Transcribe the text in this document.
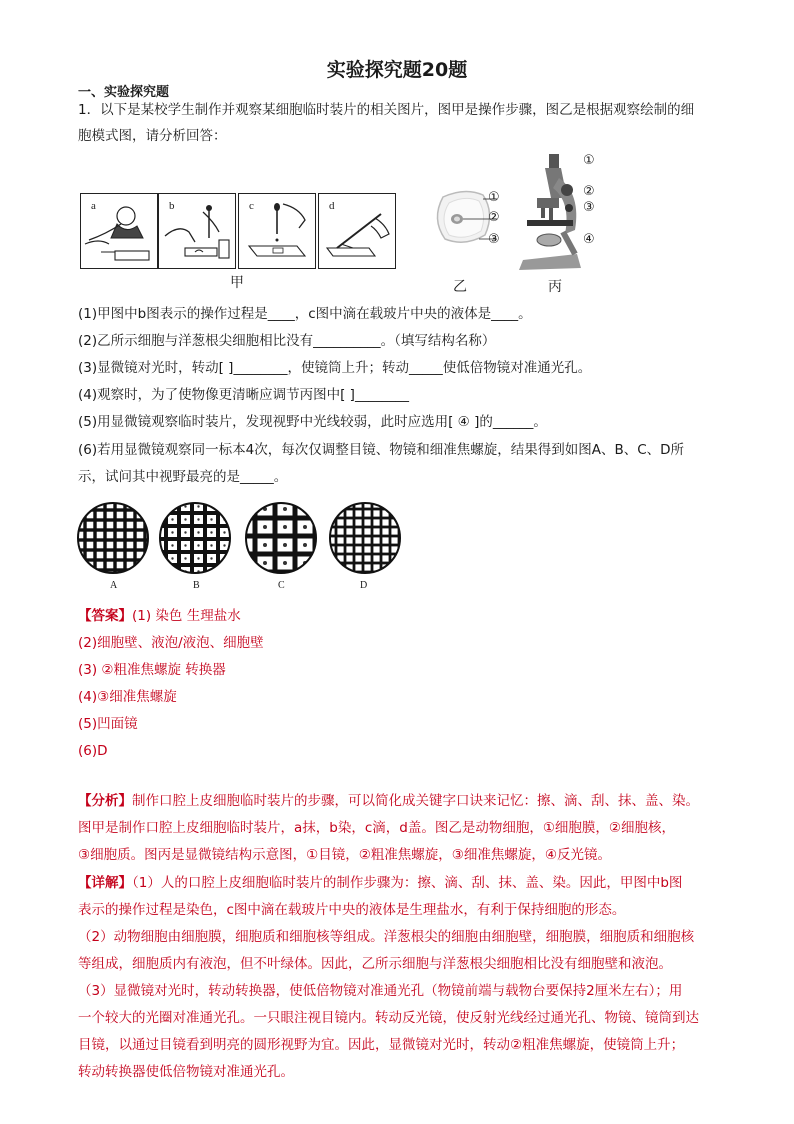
实验探究题20题
一、实验探究题
1．以下是某校学生制作并观察某细胞临时装片的相关图片，图甲是操作步骤，图乙是根据观察绘制的细
胞模式图，请分析回答：
a	b	c	d
甲
①
②
③
乙
①
②
③
④
丙
(1)甲图中b图表示的操作过程是____，c图中滴在载玻片中央的液体是____。
(2)乙所示细胞与洋葱根尖细胞相比没有__________。（填写结构名称）
(3)显微镜对光时，转动[ ]________，使镜筒上升；转动_____使低倍物镜对准通光孔。
(4)观察时，为了使物像更清晰应调节丙图中[ ]________
(5)用显微镜观察临时装片，发现视野中光线较弱，此时应选用[ ④ ]的______。
(6)若用显微镜观察同一标本4次，每次仅调整目镜、物镜和细准焦螺旋，结果得到如图A、B、C、D所
示，试问其中视野最亮的是_____。
A	B	C	D
【答案】(1) 染色 生理盐水
(2)细胞壁、液泡/液泡、细胞壁
(3) ②粗准焦螺旋 转换器
(4)③细准焦螺旋
(5)凹面镜
(6)D
【分析】制作口腔上皮细胞临时装片的步骤，可以简化成关键字口诀来记忆：擦、滴、刮、抹、盖、染。
图甲是制作口腔上皮细胞临时装片，a抹，b染，c滴，d盖。图乙是动物细胞，①细胞膜，②细胞核，
③细胞质。图丙是显微镜结构示意图，①目镜，②粗准焦螺旋，③细准焦螺旋，④反光镜。
【详解】（1）人的口腔上皮细胞临时装片的制作步骤为：擦、滴、刮、抹、盖、染。因此，甲图中b图
表示的操作过程是染色，c图中滴在载玻片中央的液体是生理盐水，有利于保持细胞的形态。
（2）动物细胞由细胞膜，细胞质和细胞核等组成。洋葱根尖的细胞由细胞壁，细胞膜，细胞质和细胞核
等组成，细胞质内有液泡，但不叶绿体。因此，乙所示细胞与洋葱根尖细胞相比没有细胞壁和液泡。
（3）显微镜对光时，转动转换器，使低倍物镜对准通光孔（物镜前端与载物台要保持2厘米左右）；用
一个较大的光圈对准通光孔。一只眼注视目镜内。转动反光镜，使反射光线经过通光孔、物镜、镜筒到达
目镜，以通过目镜看到明亮的圆形视野为宜。因此，显微镜对光时，转动②粗准焦螺旋，使镜筒上升；
转动转换器使低倍物镜对准通光孔。
